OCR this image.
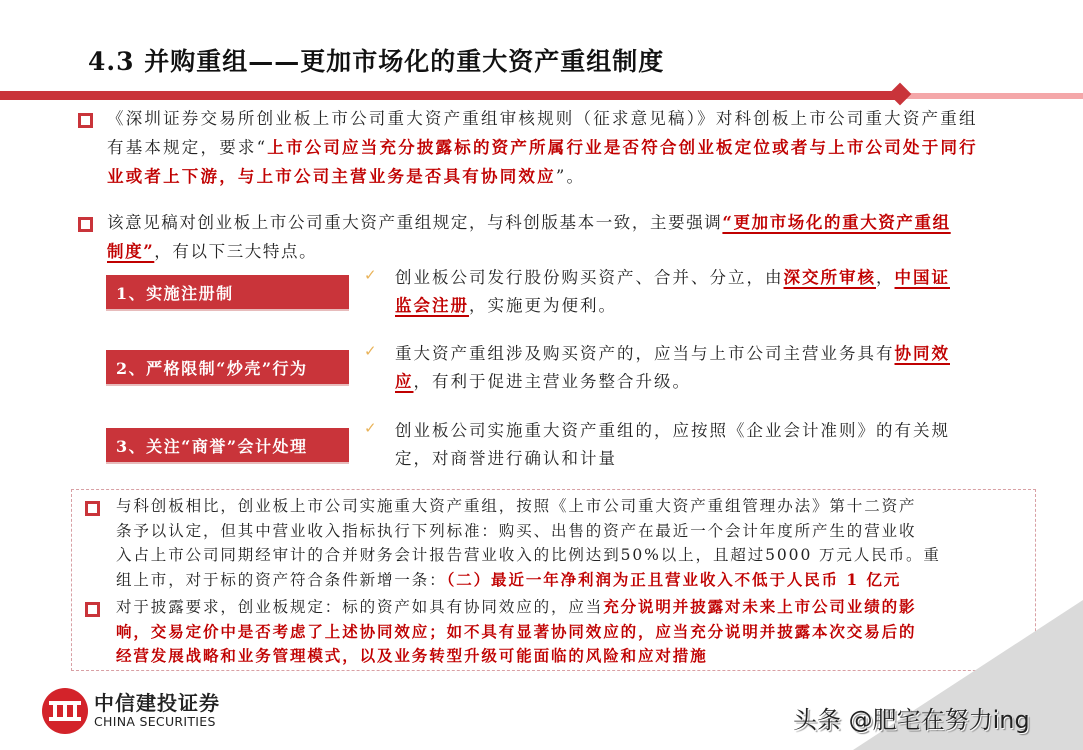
4.3 并购重组——更加市场化的重大资产重组制度
《深圳证券交易所创业板上市公司重大资产重组审核规则（征求意见稿）》对科创板上市公司重大资产重组
有基本规定，要求“上市公司应当充分披露标的资产所属行业是否符合创业板定位或者与上市公司处于同行
业或者上下游，与上市公司主营业务是否具有协同效应”。
该意见稿对创业板上市公司重大资产重组规定，与科创版基本一致，主要强调“更加市场化的重大资产重组
制度”，有以下三大特点。
1、实施注册制
✓ 创业板公司发行股份购买资产、合并、分立，由深交所审核，中国证
监会注册，实施更为便利。
2、严格限制“炒壳”行为
✓ 重大资产重组涉及购买资产的，应当与上市公司主营业务具有协同效
应，有利于促进主营业务整合升级。
3、关注“商誉”会计处理
✓ 创业板公司实施重大资产重组的，应按照《企业会计准则》的有关规
定，对商誉进行确认和计量
与科创板相比，创业板上市公司实施重大资产重组，按照《上市公司重大资产重组管理办法》第十二资产
条予以认定，但其中营业收入指标执行下列标准：购买、出售的资产在最近一个会计年度所产生的营业收
入占上市公司同期经审计的合并财务会计报告营业收入的比例达到50%以上，且超过5000 万元人民币。重
组上市，对于标的资产符合条件新增一条：（二）最近一年净利润为正且营业收入不低于人民币 1 亿元
对于披露要求，创业板规定：标的资产如具有协同效应的，应当充分说明并披露对未来上市公司业绩的影
响，交易定价中是否考虑了上述协同效应；如不具有显著协同效应的，应当充分说明并披露本次交易后的
经营发展战略和业务管理模式，以及业务转型升级可能面临的风险和应对措施
中信建投证券
CHINA SECURITIES	头条 @肥宅在努力ing
